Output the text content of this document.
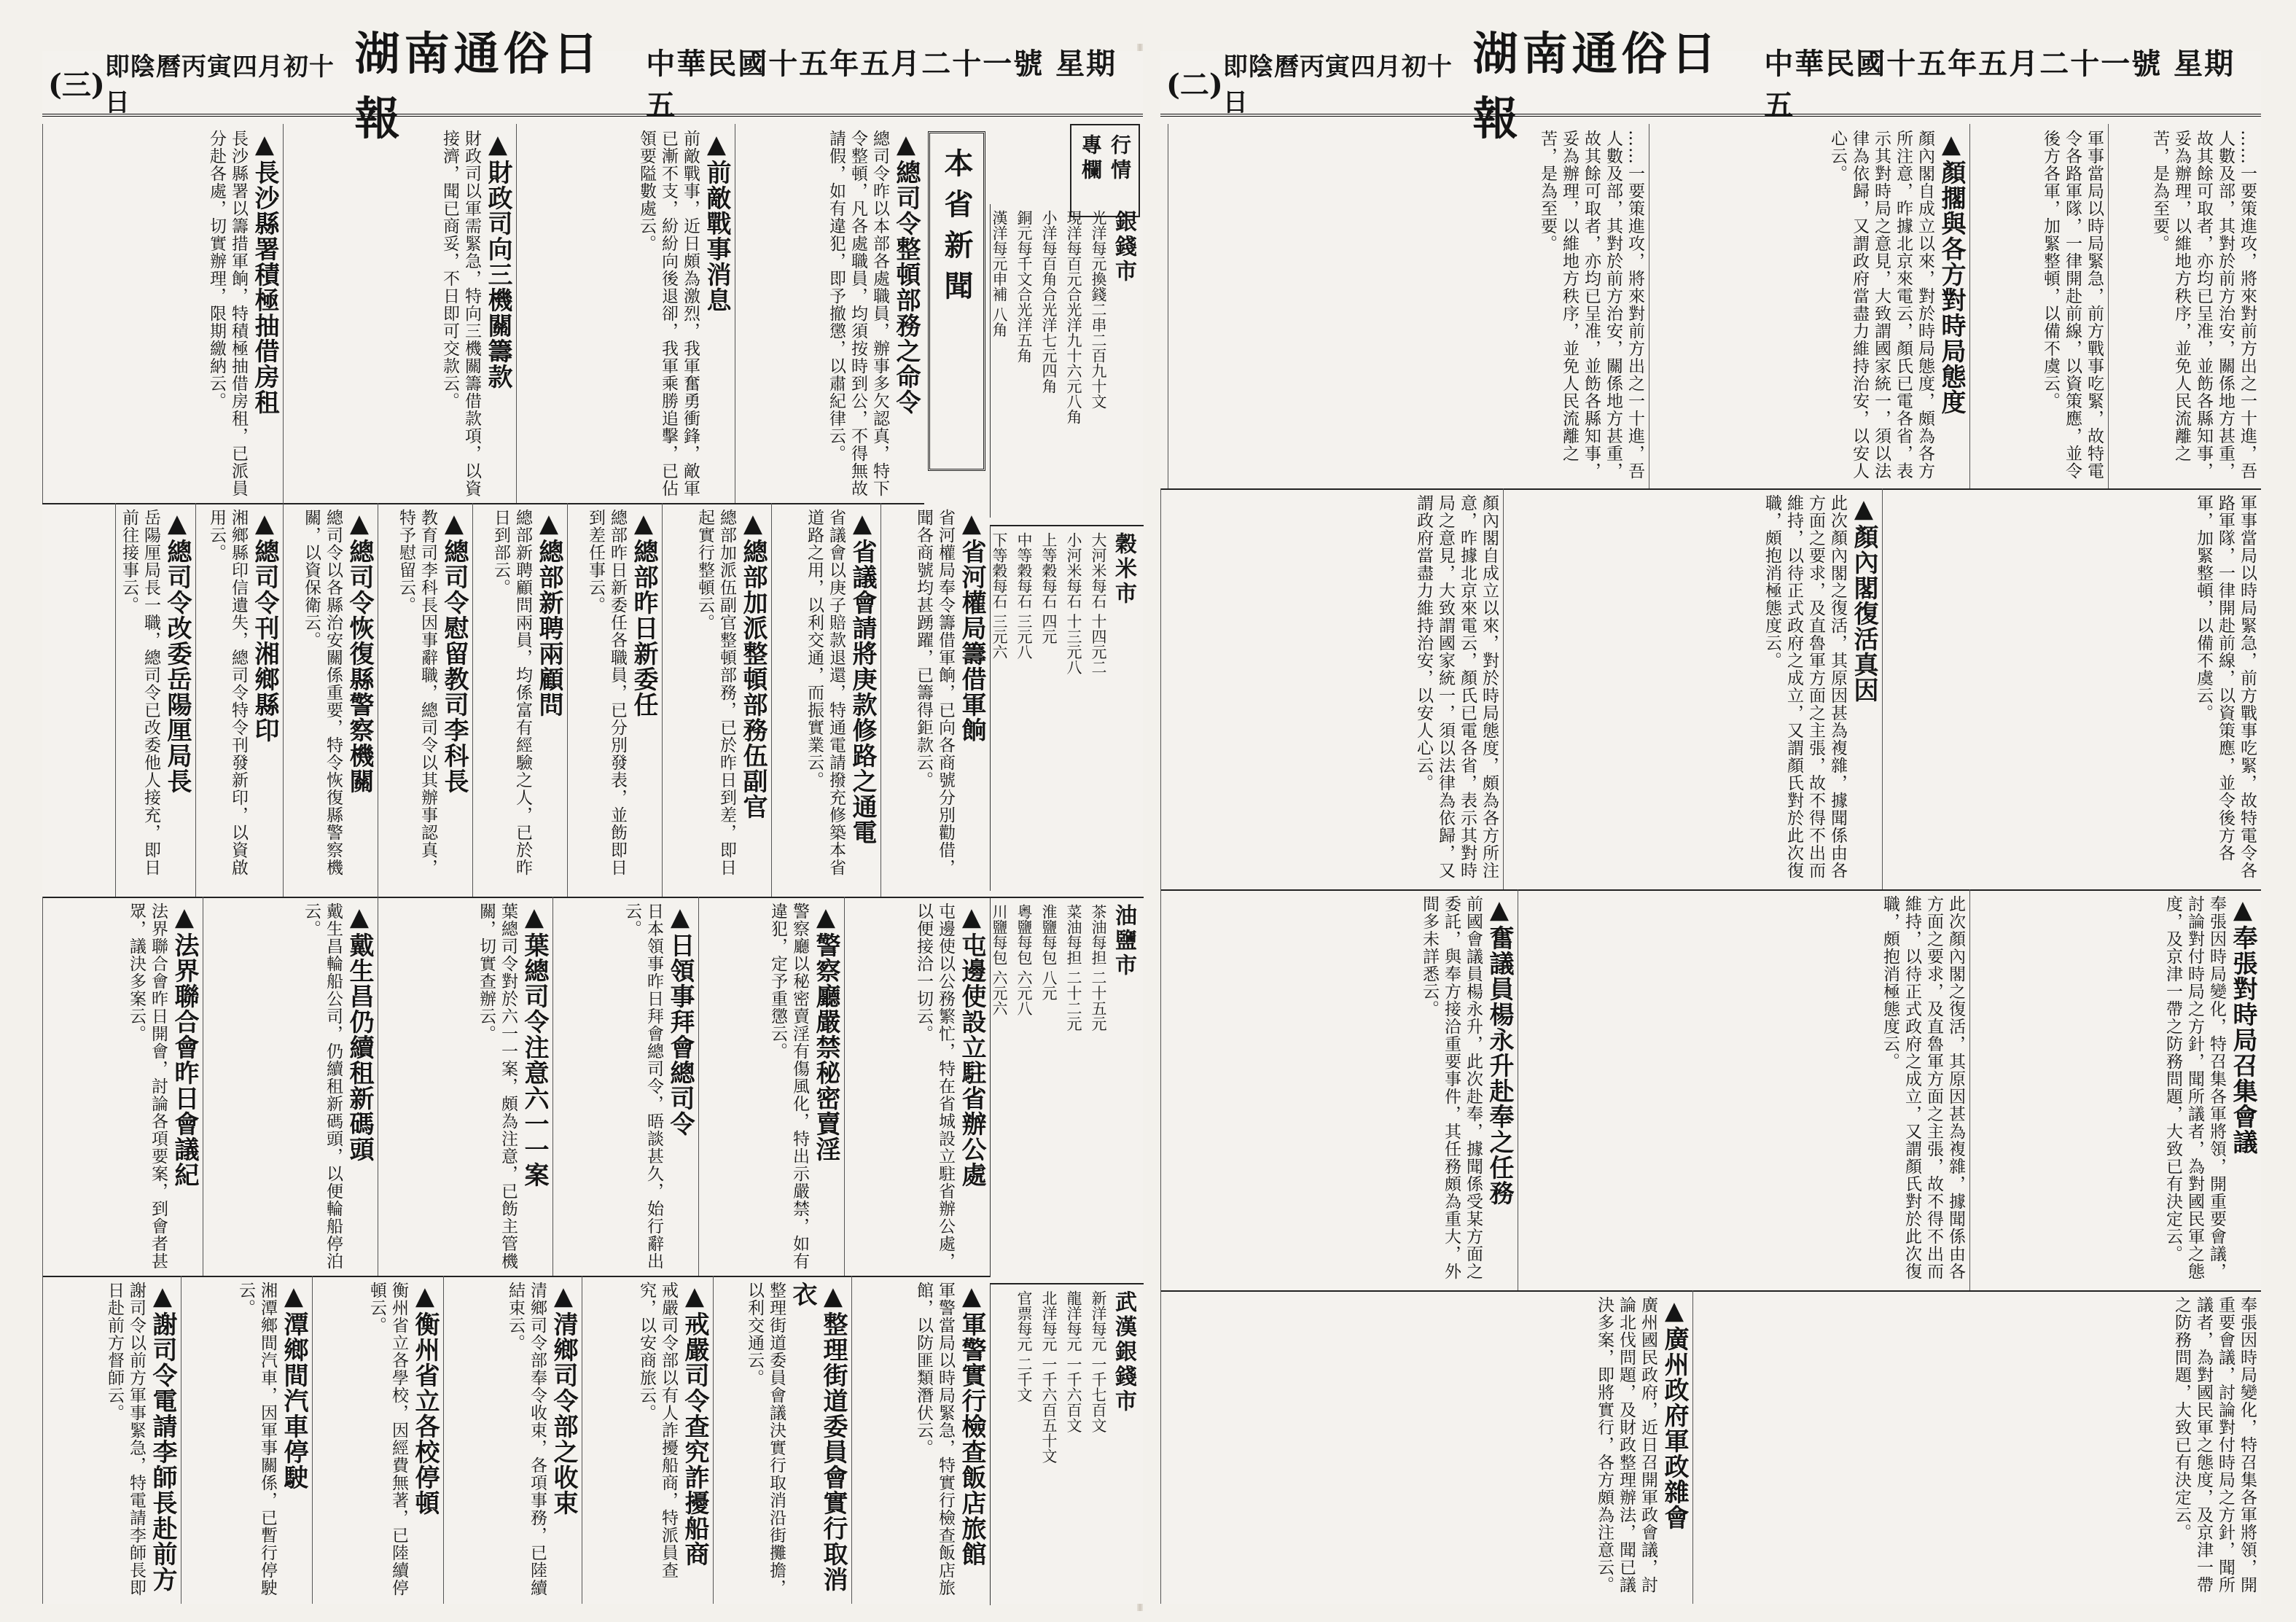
中華民國十五年五月二十一號 星期五
湖南通俗日報
即陰曆丙寅四月初十日
(二)
……一要策進攻，將來對前方出之一十進，吾人數及部，其對於前方治安，關係地方甚重，故其餘可取者，亦均已呈准，並飭各縣知事，妥為辦理，以維地方秩序，並免人民流離之苦，是為至要。
軍事當局以時局緊急，前方戰事吃緊，故特電令各路軍隊，一律開赴前線，以資策應，並令後方各軍，加緊整頓，以備不虞云。
▲顏擱與各方對時局態度
顏內閣自成立以來，對於時局態度，頗為各方所注意，昨據北京來電云，顏氏已電各省，表示其對時局之意見，大致謂國家統一，須以法律為依歸，又謂政府當盡力維持治安，以安人心云。
……一要策進攻，將來對前方出之一十進，吾人數及部，其對於前方治安，關係地方甚重，故其餘可取者，亦均已呈准，並飭各縣知事，妥為辦理，以維地方秩序，並免人民流離之苦，是為至要。
軍事當局以時局緊急，前方戰事吃緊，故特電令各路軍隊，一律開赴前線，以資策應，並令後方各軍，加緊整頓，以備不虞云。
▲顏內閣復活真因
此次顏內閣之復活，其原因甚為複雜，據聞係由各方面之要求，及直魯軍方面之主張，故不得不出而維持，以待正式政府之成立，又謂顏氏對於此次復職，頗抱消極態度云。
顏內閣自成立以來，對於時局態度，頗為各方所注意，昨據北京來電云，顏氏已電各省，表示其對時局之意見，大致謂國家統一，須以法律為依歸，又謂政府當盡力維持治安，以安人心云。
▲奉張對時局召集會議
奉張因時局變化，特召集各軍將領，開重要會議，討論對付時局之方針，聞所議者，為對國民軍之態度，及京津一帶之防務問題，大致已有決定云。
此次顏內閣之復活，其原因甚為複雜，據聞係由各方面之要求，及直魯軍方面之主張，故不得不出而維持，以待正式政府之成立，又謂顏氏對於此次復職，頗抱消極態度云。
▲奮議員楊永升赴奉之任務
前國會議員楊永升，此次赴奉，據聞係受某方面之委託，與奉方接洽重要事件，其任務頗為重大，外間多未詳悉云。
奉張因時局變化，特召集各軍將領，開重要會議，討論對付時局之方針，聞所議者，為對國民軍之態度，及京津一帶之防務問題，大致已有決定云。
▲廣州政府軍政雜會
廣州國民政府，近日召開軍政會議，討論北伐問題，及財政整理辦法，聞已議決多案，即將實行，各方頗為注意云。
中華民國十五年五月二十一號 星期五
湖南通俗日報
即陰曆丙寅四月初十日
(三)
行情專欄
銀錢市
光洋每元換錢二串二百九十文
現洋每百元合光洋九十六元八角
小洋每百角合光洋七元四角
銅元每千文合光洋五角
漢洋每元申補 八角
穀米市
大河米每石 十四元二
小河米每石 十三元八
上等穀每石 四元
中等穀每石 三元八
下等穀每石 三元六
油鹽市
茶油每担 二十五元
菜油每担 二十二元
淮鹽每包 八元
粵鹽每包 六元八
川鹽每包 六元六
武漢銀錢市
新洋每元 一千七百文
龍洋每元 一千六百文
北洋每元 一千六百五十文
官票每元 二千文
本省新聞
▲總司令整頓部務之命令
總司令昨以本部各處職員，辦事多欠認真，特下令整頓，凡各處職員，均須按時到公，不得無故請假，如有違犯，即予撤懲，以肅紀律云。
▲前敵戰事消息
前敵戰事，近日頗為激烈，我軍奮勇衝鋒，敵軍已漸不支，紛紛向後退卻，我軍乘勝追擊，已佔領要隘數處云。
▲財政司向三機關籌款
財政司以軍需緊急，特向三機關籌借款項，以資接濟，聞已商妥，不日即可交款云。
▲長沙縣署積極抽借房租
長沙縣署以籌措軍餉，特積極抽借房租，已派員分赴各處，切實辦理，限期繳納云。
▲省河權局籌借軍餉
省河權局奉令籌借軍餉，已向各商號分別勸借，聞各商號均甚踴躍，已籌得鉅款云。
▲省議會請將庚款修路之通電
省議會以庚子賠款退還，特通電請撥充修築本省道路之用，以利交通，而振實業云。
▲總部加派整頓部務伍副官
總部加派伍副官整頓部務，已於昨日到差，即日起實行整頓云。
▲總部昨日新委任
總部昨日新委任各職員，已分別發表，並飭即日到差任事云。
▲總部新聘兩顧問
總部新聘顧問兩員，均係富有經驗之人，已於昨日到部云。
▲總司令慰留教司李科長
教育司李科長因事辭職，總司令以其辦事認真，特予慰留云。
▲總司令恢復縣警察機關
總司令以各縣治安關係重要，特令恢復縣警察機關，以資保衛云。
▲總司令刊湘鄉縣印
湘鄉縣印信遺失，總司令特令刊發新印，以資啟用云。
▲總司令改委岳陽厘局長
岳陽厘局長一職，總司令已改委他人接充，即日前往接事云。
▲屯邊使設立駐省辦公處
屯邊使以公務繁忙，特在省城設立駐省辦公處，以便接洽一切云。
▲警察廳嚴禁秘密賣淫
警察廳以秘密賣淫有傷風化，特出示嚴禁，如有違犯，定予重懲云。
▲日領事拜會總司令
日本領事昨日拜會總司令，晤談甚久，始行辭出云。
▲葉總司令注意六一一案
葉總司令對於六一一案，頗為注意，已飭主管機關，切實查辦云。
▲戴生昌仍續租新碼頭
戴生昌輪船公司，仍續租新碼頭，以便輪船停泊云。
▲法界聯合會昨日會議紀
法界聯合會昨日開會，討論各項要案，到會者甚眾，議決多案云。
▲軍警實行檢查飯店旅館
軍警當局以時局緊急，特實行檢查飯店旅館，以防匪類潛伏云。
▲整理街道委員會實行取消衣
整理街道委員會議決實行取消沿街攤擔，以利交通云。
▲戒嚴司令查究詐擾船商
戒嚴司令部以有人詐擾船商，特派員查究，以安商旅云。
▲清鄉司令部之收束
清鄉司令部奉令收束，各項事務，已陸續結束云。
▲衡州省立各校停頓
衡州省立各學校，因經費無著，已陸續停頓云。
▲潭鄉間汽車停駛
湘潭鄉間汽車，因軍事關係，已暫行停駛云。
▲謝司令電請李師長赴前方
謝司令以前方軍事緊急，特電請李師長即日赴前方督師云。
